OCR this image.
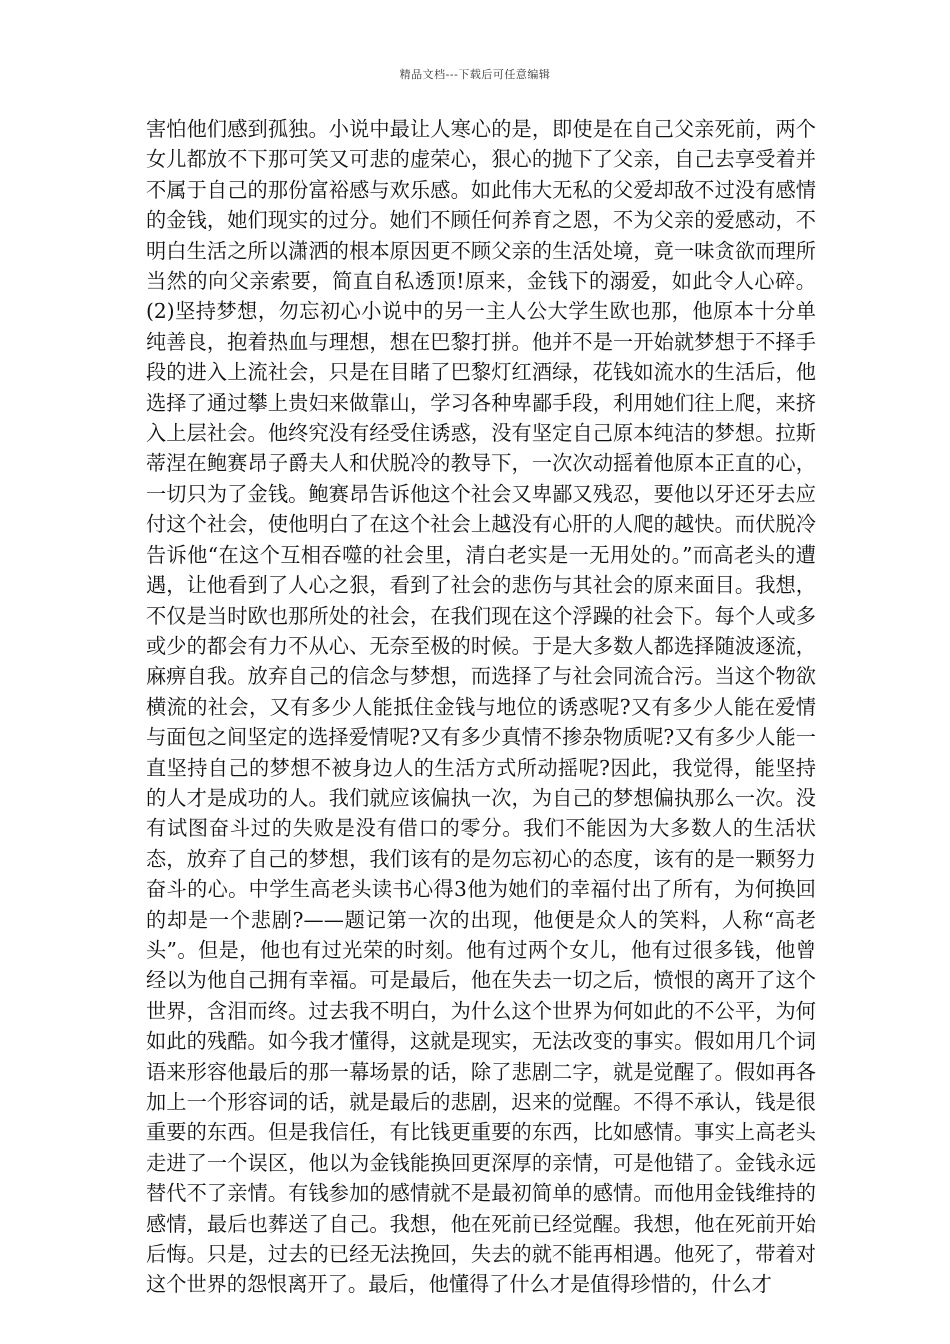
精品文档---下载后可任意编辑

害怕他们感到孤独。小说中最让人寒心的是，即使是在自己父亲死前，两个女儿都放不下那可笑又可悲的虚荣心，狠心的抛下了父亲，自己去享受着并不属于自己的那份富裕感与欢乐感。如此伟大无私的父爱却敌不过没有感情的金钱，她们现实的过分。她们不顾任何养育之恩，不为父亲的爱感动，不明白生活之所以潇洒的根本原因更不顾父亲的生活处境，竟一味贪欲而理所当然的向父亲索要，简直自私透顶!原来，金钱下的溺爱，如此令人心碎。(2)坚持梦想，勿忘初心小说中的另一主人公大学生欧也那，他原本十分单纯善良，抱着热血与理想，想在巴黎打拼。他并不是一开始就梦想于不择手段的进入上流社会，只是在目睹了巴黎灯红酒绿，花钱如流水的生活后，他选择了通过攀上贵妇来做靠山，学习各种卑鄙手段，利用她们往上爬，来挤入上层社会。他终究没有经受住诱惑，没有坚定自己原本纯洁的梦想。拉斯蒂涅在鲍赛昂子爵夫人和伏脱冷的教导下，一次次动摇着他原本正直的心，一切只为了金钱。鲍赛昂告诉他这个社会又卑鄙又残忍，要他以牙还牙去应付这个社会，使他明白了在这个社会上越没有心肝的人爬的越快。而伏脱冷告诉他“在这个互相吞噬的社会里，清白老实是一无用处的。”而高老头的遭遇，让他看到了人心之狠，看到了社会的悲伤与其社会的原来面目。我想，不仅是当时欧也那所处的社会，在我们现在这个浮躁的社会下。每个人或多或少的都会有力不从心、无奈至极的时候。于是大多数人都选择随波逐流，麻痹自我。放弃自己的信念与梦想，而选择了与社会同流合污。当这个物欲横流的社会，又有多少人能抵住金钱与地位的诱惑呢?又有多少人能在爱情与面包之间坚定的选择爱情呢?又有多少真情不掺杂物质呢?又有多少人能一直坚持自己的梦想不被身边人的生活方式所动摇呢?因此，我觉得，能坚持的人才是成功的人。我们就应该偏执一次，为自己的梦想偏执那么一次。没有试图奋斗过的失败是没有借口的零分。我们不能因为大多数人的生活状态，放弃了自己的梦想，我们该有的是勿忘初心的态度，该有的是一颗努力奋斗的心。中学生高老头读书心得3他为她们的幸福付出了所有，为何换回的却是一个悲剧?——题记第一次的出现，他便是众人的笑料，人称“高老头”。但是，他也有过光荣的时刻。他有过两个女儿，他有过很多钱，他曾经以为他自己拥有幸福。可是最后，他在失去一切之后，愤恨的离开了这个世界，含泪而终。过去我不明白，为什么这个世界为何如此的不公平，为何如此的残酷。如今我才懂得，这就是现实，无法改变的事实。假如用几个词语来形容他最后的那一幕场景的话，除了悲剧二字，就是觉醒了。假如再各加上一个形容词的话，就是最后的悲剧，迟来的觉醒。不得不承认，钱是很重要的东西。但是我信任，有比钱更重要的东西，比如感情。事实上高老头走进了一个误区，他以为金钱能换回更深厚的亲情，可是他错了。金钱永远替代不了亲情。有钱参加的感情就不是最初简单的感情。而他用金钱维持的感情，最后也葬送了自己。我想，他在死前已经觉醒。我想，他在死前开始后悔。只是，过去的已经无法挽回，失去的就不能再相遇。他死了，带着对这个世界的怨恨离开了。最后，他懂得了什么才是值得珍惜的，什么才
